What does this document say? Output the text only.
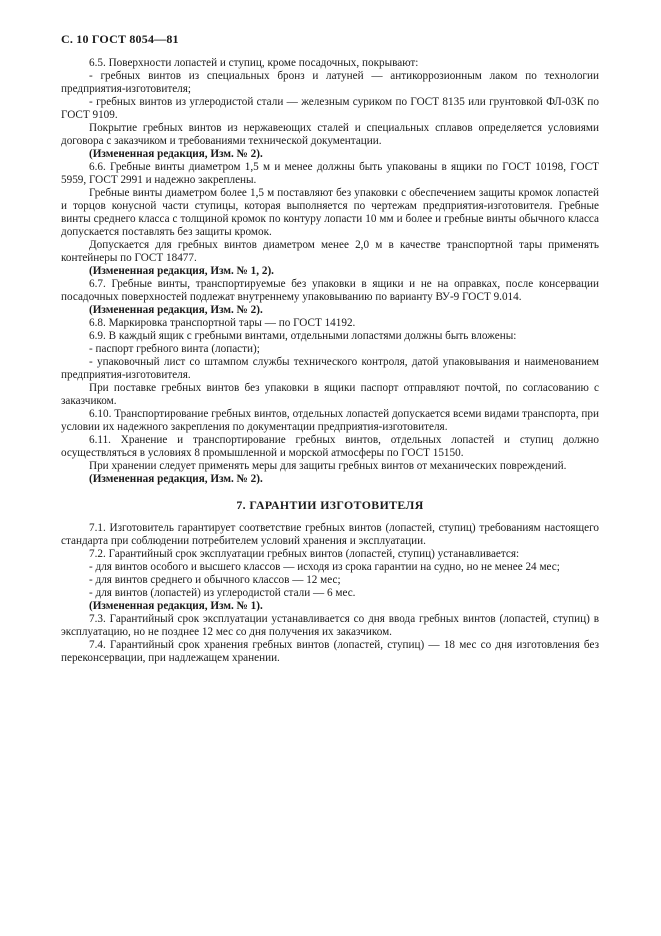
С. 10 ГОСТ 8054—81

6.5. Поверхности лопастей и ступиц, кроме посадочных, покрывают:

- гребных винтов из специальных бронз и латуней — антикоррозионным лаком по технологии предприятия-изготовителя;

- гребных винтов из углеродистой стали — железным суриком по ГОСТ 8135 или грунтовкой ФЛ-03К по ГОСТ 9109.

Покрытие гребных винтов из нержавеющих сталей и специальных сплавов определяется условиями договора с заказчиком и требованиями технической документации.

(Измененная редакция, Изм. № 2).

6.6. Гребные винты диаметром 1,5 м и менее должны быть упакованы в ящики по ГОСТ 10198, ГОСТ 5959, ГОСТ 2991 и надежно закреплены.

Гребные винты диаметром более 1,5 м поставляют без упаковки с обеспечением защиты кромок лопастей и торцов конусной части ступицы, которая выполняется по чертежам предприятия-изготовителя. Гребные винты среднего класса с толщиной кромок по контуру лопасти 10 мм и более и гребные винты обычного класса допускается поставлять без защиты кромок.

Допускается для гребных винтов диаметром менее 2,0 м в качестве транспортной тары применять контейнеры по ГОСТ 18477.

(Измененная редакция, Изм. № 1, 2).

6.7. Гребные винты, транспортируемые без упаковки в ящики и не на оправках, после консервации посадочных поверхностей подлежат внутреннему упаковыванию по варианту ВУ-9 ГОСТ 9.014.

(Измененная редакция, Изм. № 2).

6.8. Маркировка транспортной тары — по ГОСТ 14192.

6.9. В каждый ящик с гребными винтами, отдельными лопастями должны быть вложены:

- паспорт гребного винта (лопасти);

- упаковочный лист со штампом службы технического контроля, датой упаковывания и наименованием предприятия-изготовителя.

При поставке гребных винтов без упаковки в ящики паспорт отправляют почтой, по согласованию с заказчиком.

6.10. Транспортирование гребных винтов, отдельных лопастей допускается всеми видами транспорта, при условии их надежного закрепления по документации предприятия-изготовителя.

6.11. Хранение и транспортирование гребных винтов, отдельных лопастей и ступиц должно осуществляться в условиях 8 промышленной и морской атмосферы по ГОСТ 15150.

При хранении следует применять меры для защиты гребных винтов от механических повреждений.

(Измененная редакция, Изм. № 2).

7. ГАРАНТИИ ИЗГОТОВИТЕЛЯ

7.1. Изготовитель гарантирует соответствие гребных винтов (лопастей, ступиц) требованиям настоящего стандарта при соблюдении потребителем условий хранения и эксплуатации.

7.2. Гарантийный срок эксплуатации гребных винтов (лопастей, ступиц) устанавливается:

- для винтов особого и высшего классов — исходя из срока гарантии на судно, но не менее 24 мес;

- для винтов среднего и обычного классов — 12 мес;

- для винтов (лопастей) из углеродистой стали — 6 мес.

(Измененная редакция, Изм. № 1).

7.3. Гарантийный срок эксплуатации устанавливается со дня ввода гребных винтов (лопастей, ступиц) в эксплуатацию, но не позднее 12 мес со дня получения их заказчиком.

7.4. Гарантийный срок хранения гребных винтов (лопастей, ступиц) — 18 мес со дня изготовления без переконсервации, при надлежащем хранении.
